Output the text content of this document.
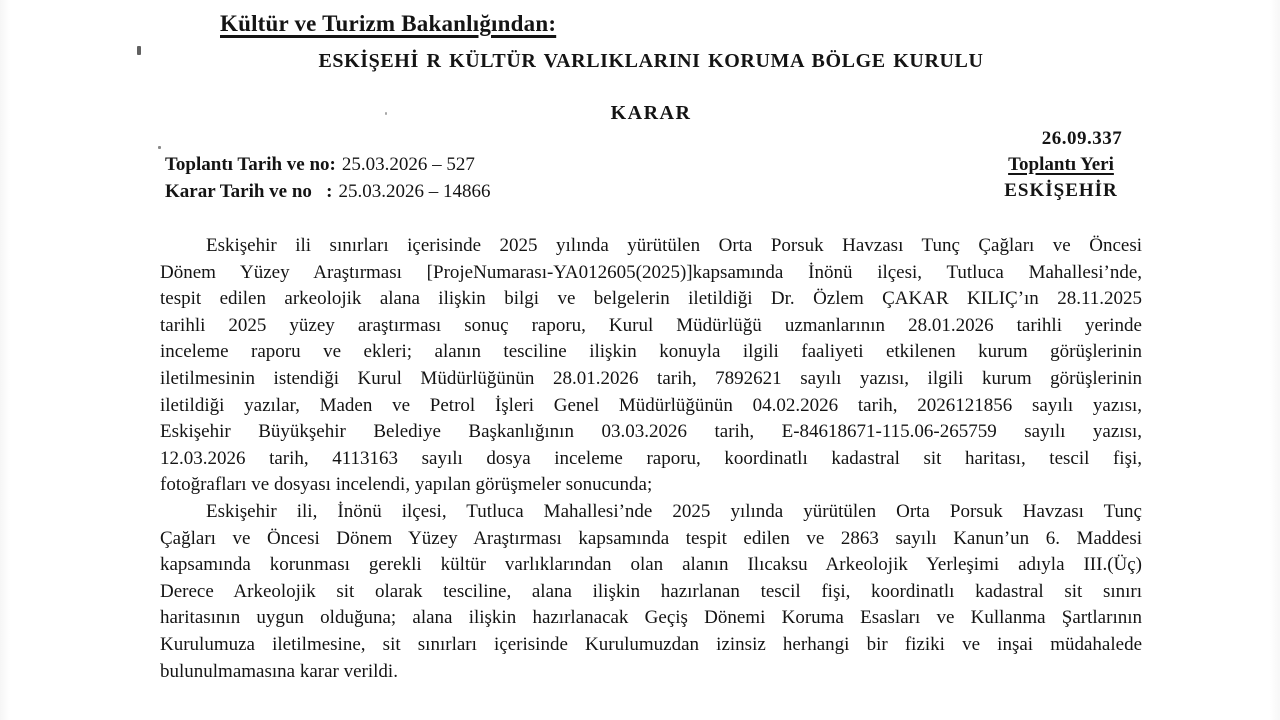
Kültür ve Turizm Bakanlığından:
ESKİŞEHİ R KÜLTÜR VARLIKLARINI KORUMA BÖLGE KURULU
KARAR
Toplantı Tarih ve no: 25.03.2026 – 527
Karar Tarih ve no   : 25.03.2026 – 14866
26.09.337
Toplantı Yeri
ESKİŞEHİR
Eskişehir ili sınırları içerisinde 2025 yılında yürütülen Orta Porsuk Havzası Tunç Çağları ve Öncesi
Dönem Yüzey Araştırması [ProjeNumarası-YA012605(2025)]kapsamında İnönü ilçesi, Tutluca Mahallesi’nde,
tespit edilen arkeolojik alana ilişkin bilgi ve belgelerin iletildiği Dr. Özlem ÇAKAR KILIÇ’ın 28.11.2025
tarihli 2025 yüzey araştırması sonuç raporu, Kurul Müdürlüğü uzmanlarının 28.01.2026 tarihli yerinde
inceleme raporu ve ekleri; alanın tesciline ilişkin konuyla ilgili faaliyeti etkilenen kurum görüşlerinin
iletilmesinin istendiği Kurul Müdürlüğünün 28.01.2026 tarih, 7892621 sayılı yazısı, ilgili kurum görüşlerinin
iletildiği yazılar, Maden ve Petrol İşleri Genel Müdürlüğünün 04.02.2026 tarih, 2026121856 sayılı yazısı,
Eskişehir Büyükşehir Belediye Başkanlığının 03.03.2026 tarih, E-84618671-115.06-265759 sayılı yazısı,
12.03.2026 tarih, 4113163 sayılı dosya inceleme raporu, koordinatlı kadastral sit haritası, tescil fişi,
fotoğrafları ve dosyası incelendi, yapılan görüşmeler sonucunda;
Eskişehir ili, İnönü ilçesi, Tutluca Mahallesi’nde 2025 yılında yürütülen Orta Porsuk Havzası Tunç
Çağları ve Öncesi Dönem Yüzey Araştırması kapsamında tespit edilen ve 2863 sayılı Kanun’un 6. Maddesi
kapsamında korunması gerekli kültür varlıklarından olan alanın Ilıcaksu Arkeolojik Yerleşimi adıyla III.(Üç)
Derece Arkeolojik sit olarak tesciline, alana ilişkin hazırlanan tescil fişi, koordinatlı kadastral sit sınırı
haritasının uygun olduğuna; alana ilişkin hazırlanacak Geçiş Dönemi Koruma Esasları ve Kullanma Şartlarının
Kurulumuza iletilmesine, sit sınırları içerisinde Kurulumuzdan izinsiz herhangi bir fiziki ve inşai müdahalede
bulunulmamasına karar verildi.
